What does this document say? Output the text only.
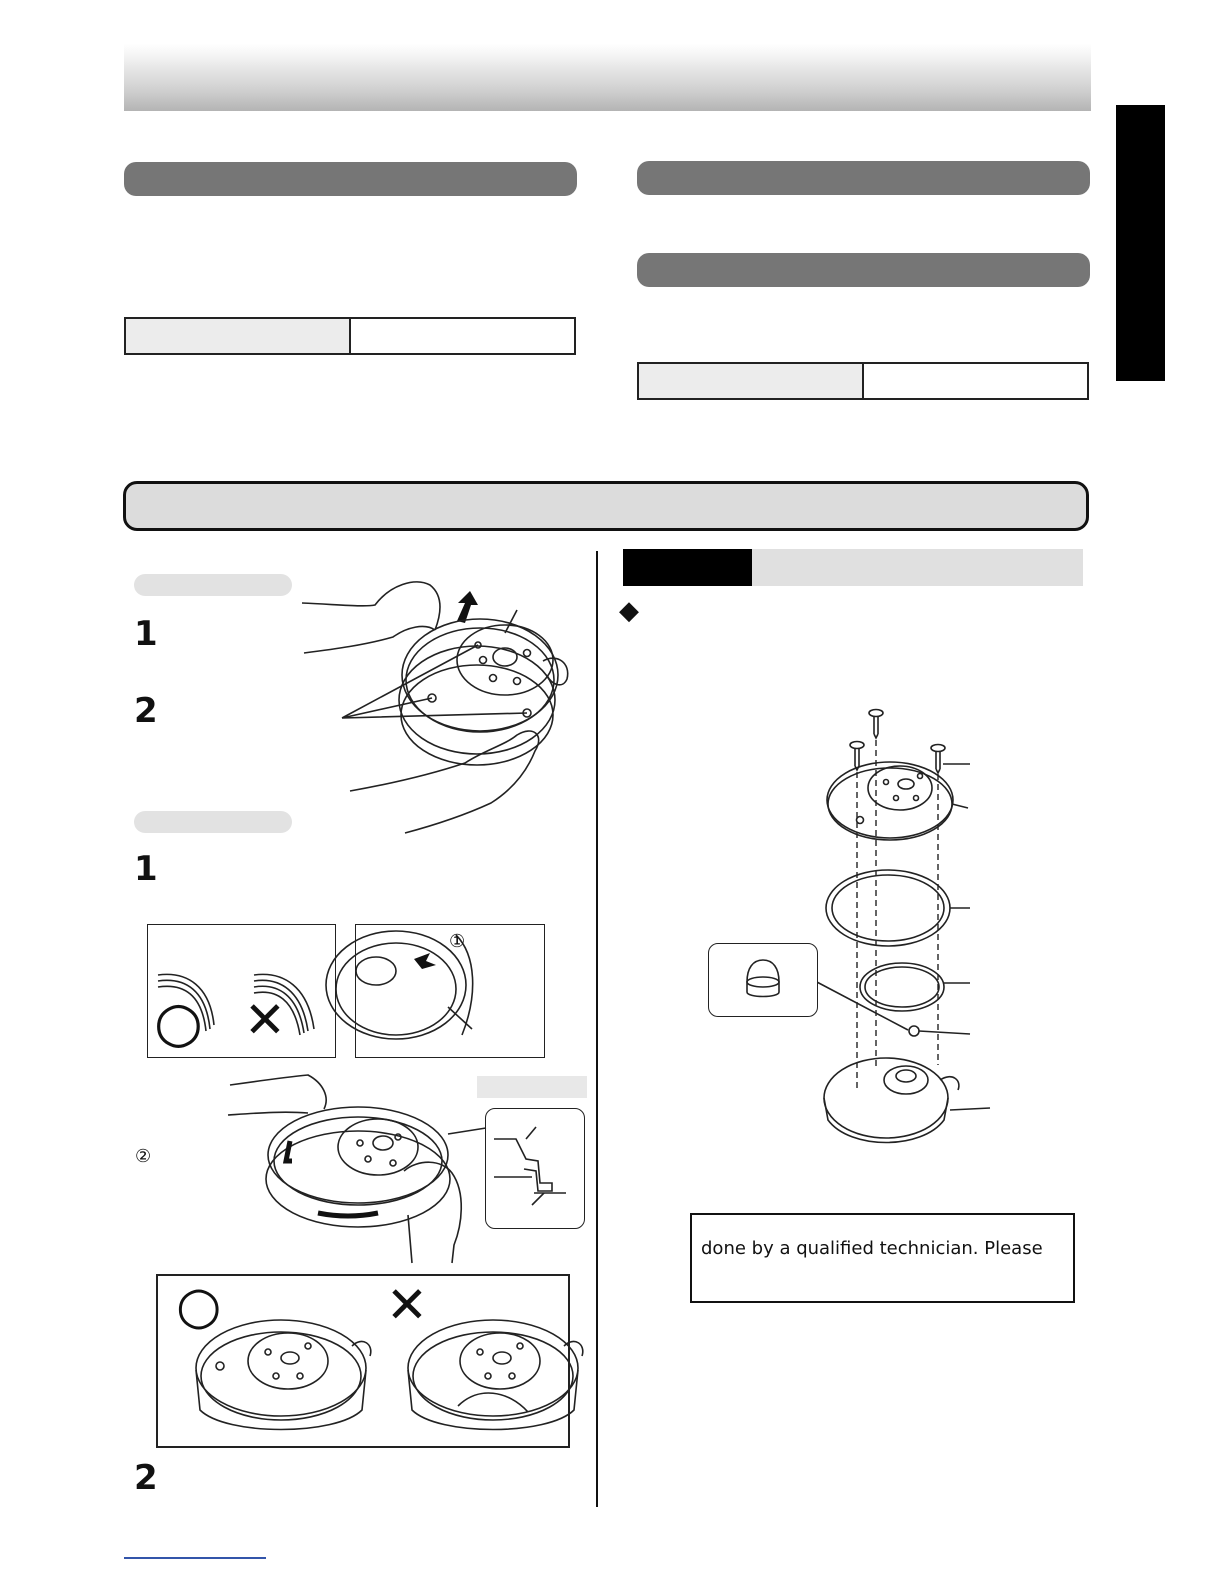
1
2
1
○ ✕
①
②
○	✕
2
◆
done by a qualified technician. Please
